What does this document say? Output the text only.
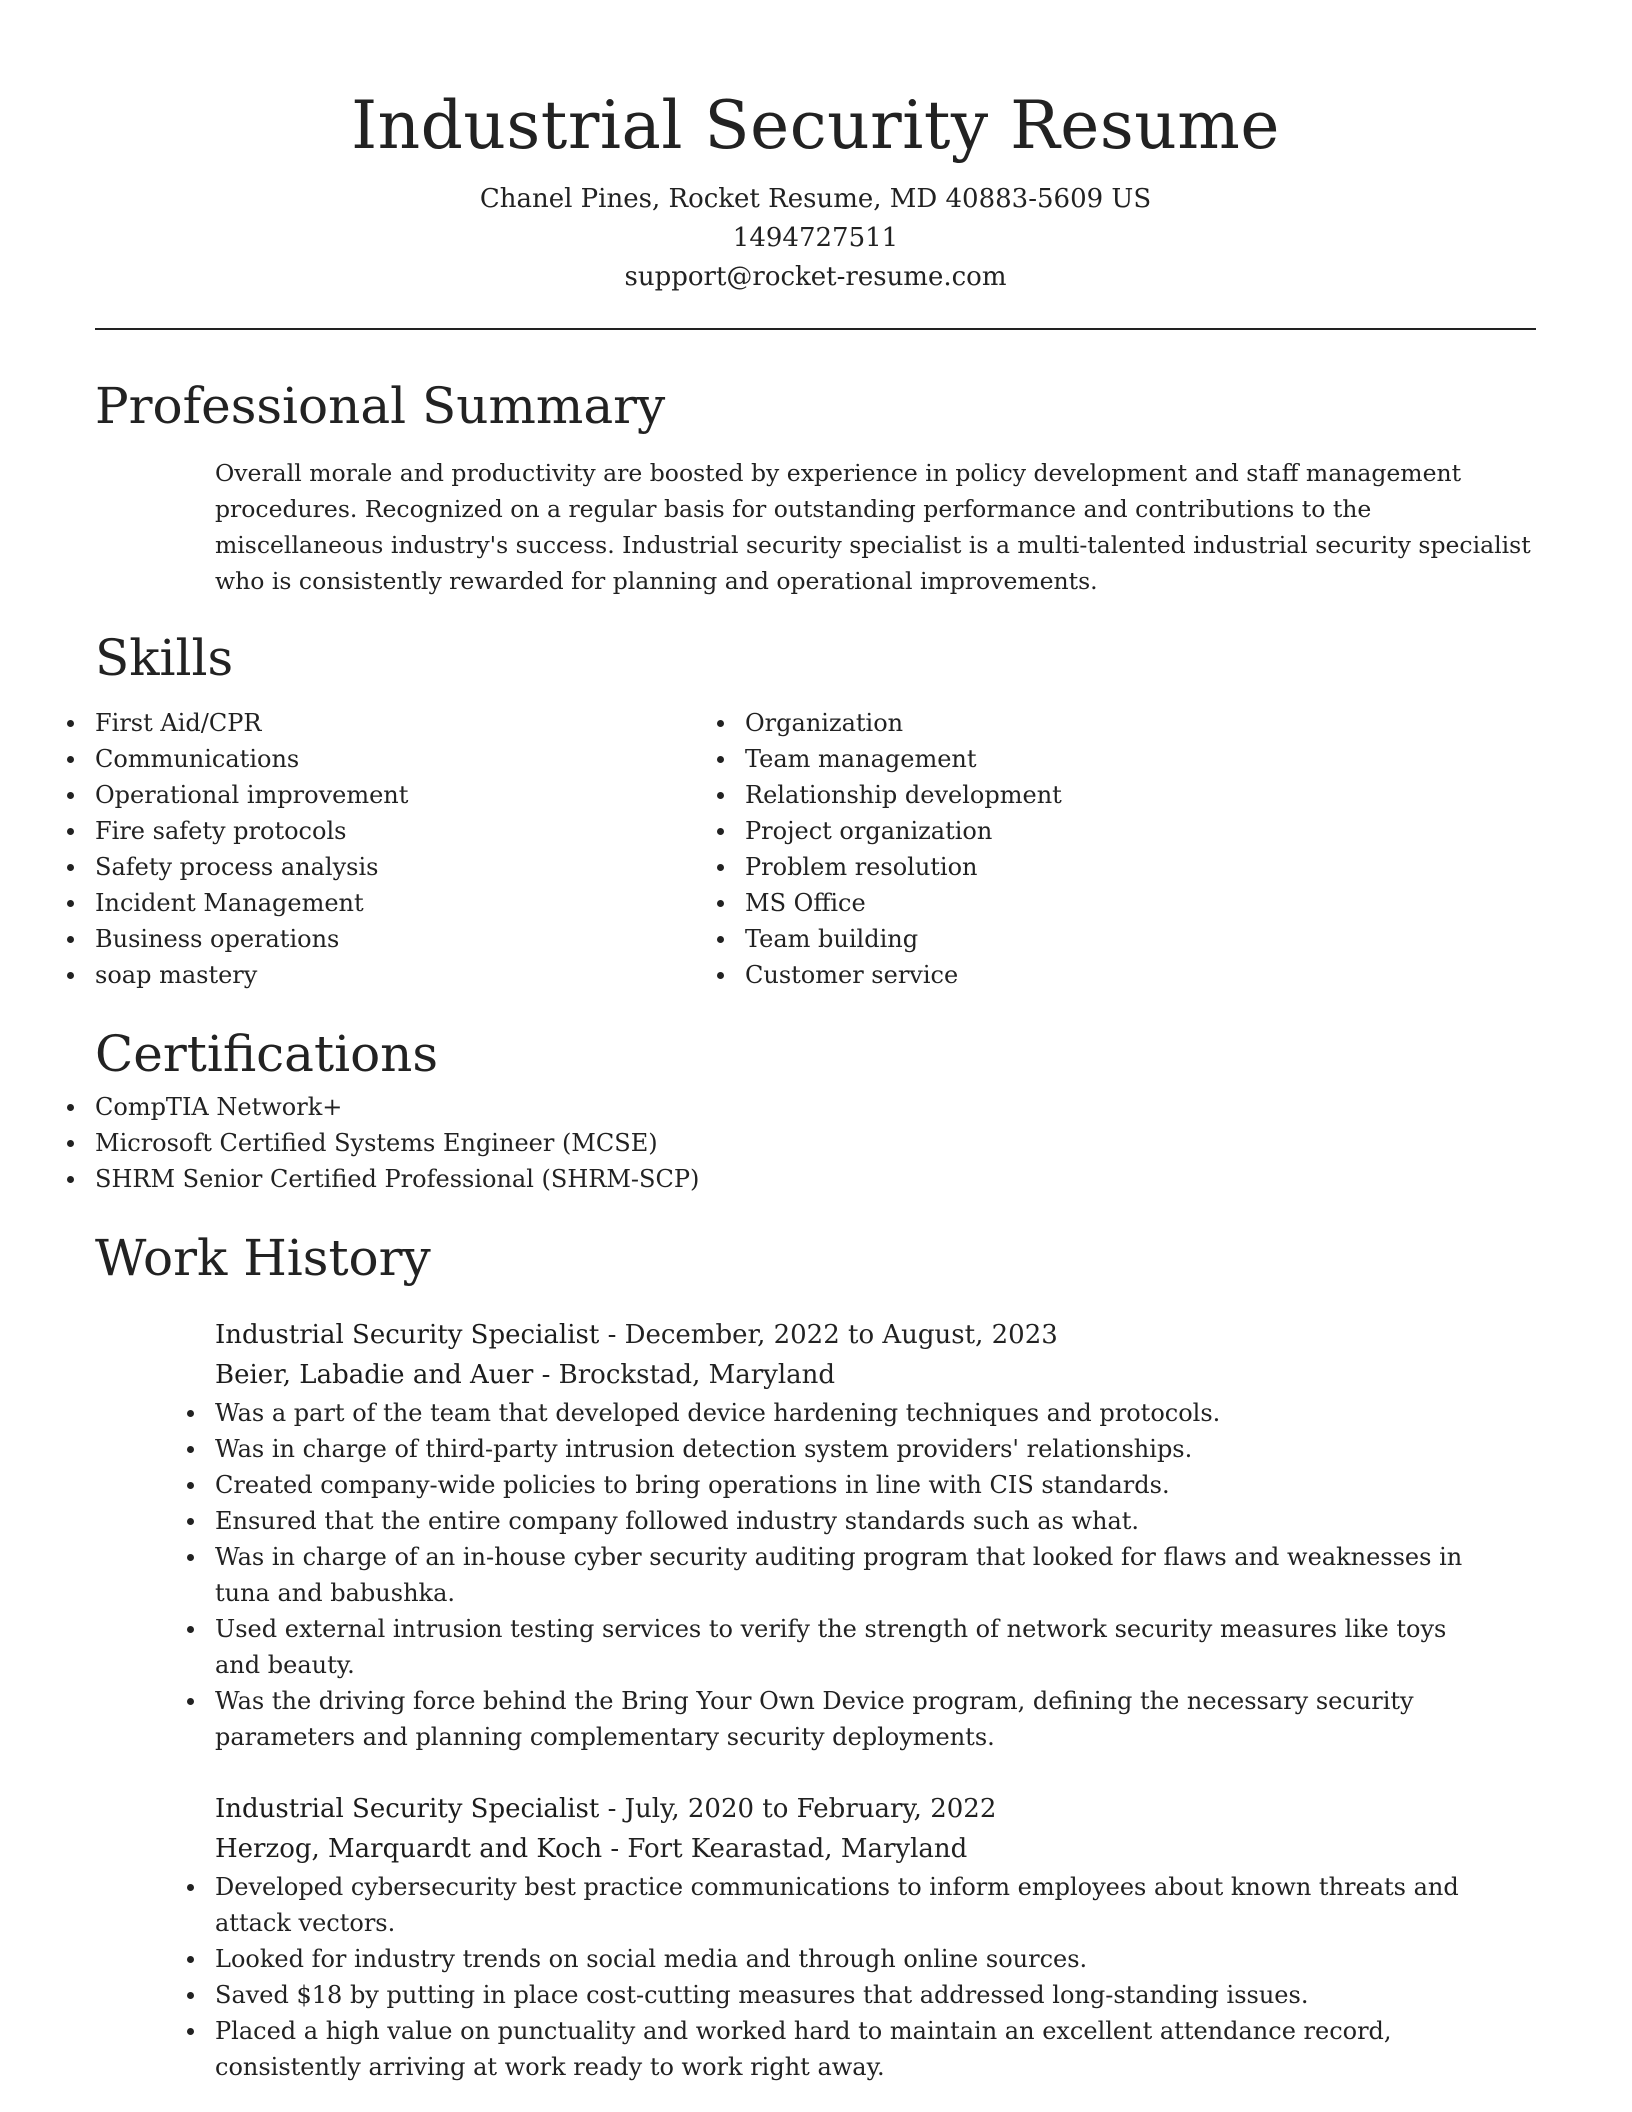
Industrial Security Resume

Chanel Pines, Rocket Resume, MD 40883-5609 US

1494727511

support@rocket-resume.com

Professional Summary

Overall morale and productivity are boosted by experience in policy development and staff management procedures. Recognized on a regular basis for outstanding performance and contributions to the miscellaneous industry's success. Industrial security specialist is a multi-talented industrial security specialist who is consistently rewarded for planning and operational improvements.

Skills
First Aid/CPR
Communications
Operational improvement
Fire safety protocols
Safety process analysis
Incident Management
Business operations
soap mastery
Organization
Team management
Relationship development
Project organization
Problem resolution
MS Office
Team building
Customer service
Certifications
CompTIA Network+
Microsoft Certified Systems Engineer (MCSE)
SHRM Senior Certified Professional (SHRM-SCP)
Work History

Industrial Security Specialist - December, 2022 to August, 2023

Beier, Labadie and Auer - Brockstad, Maryland

Was a part of the team that developed device hardening techniques and protocols.
Was in charge of third-party intrusion detection system providers' relationships.
Created company-wide policies to bring operations in line with CIS standards.
Ensured that the entire company followed industry standards such as what.
Was in charge of an in-house cyber security auditing program that looked for flaws and weaknesses in tuna and babushka.
Used external intrusion testing services to verify the strength of network security measures like toys and beauty.
Was the driving force behind the Bring Your Own Device program, defining the necessary security parameters and planning complementary security deployments.

Industrial Security Specialist - July, 2020 to February, 2022

Herzog, Marquardt and Koch - Fort Kearastad, Maryland

Developed cybersecurity best practice communications to inform employees about known threats and attack vectors.
Looked for industry trends on social media and through online sources.
Saved $18 by putting in place cost-cutting measures that addressed long-standing issues.
Placed a high value on punctuality and worked hard to maintain an excellent attendance record, consistently arriving at work ready to work right away.
